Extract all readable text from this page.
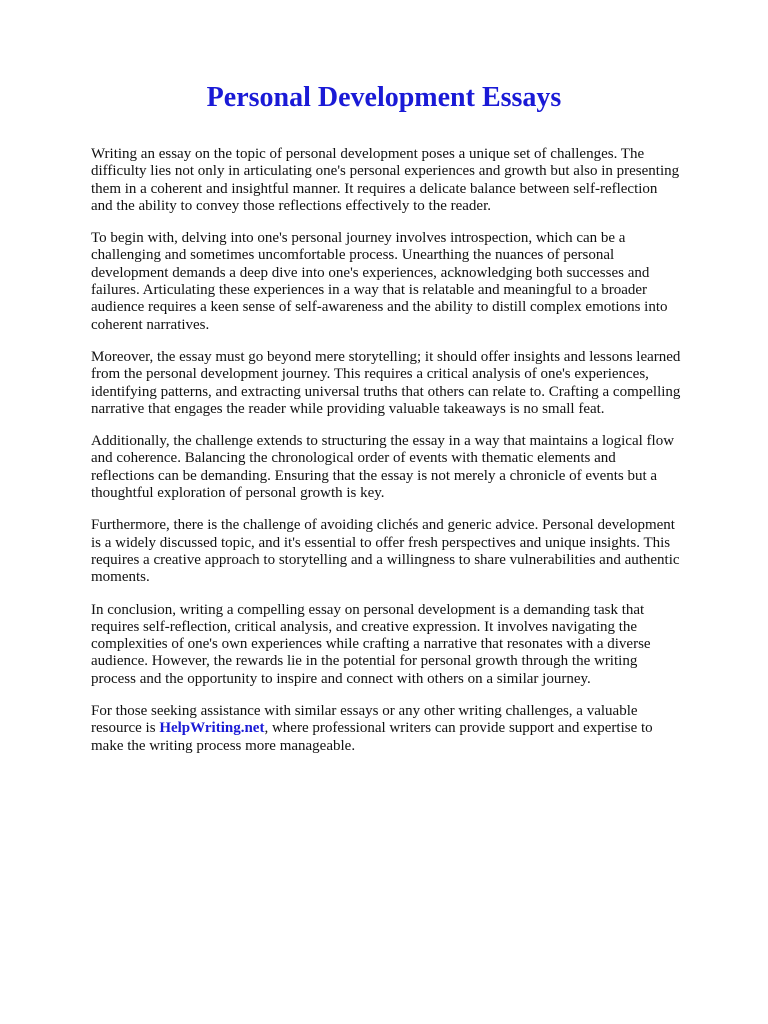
Personal Development Essays

Writing an essay on the topic of personal development poses a unique set of challenges. The difficulty lies not only in articulating one's personal experiences and growth but also in presenting them in a coherent and insightful manner. It requires a delicate balance between self-reflection and the ability to convey those reflections effectively to the reader.

To begin with, delving into one's personal journey involves introspection, which can be a challenging and sometimes uncomfortable process. Unearthing the nuances of personal development demands a deep dive into one's experiences, acknowledging both successes and failures. Articulating these experiences in a way that is relatable and meaningful to a broader audience requires a keen sense of self-awareness and the ability to distill complex emotions into coherent narratives.

Moreover, the essay must go beyond mere storytelling; it should offer insights and lessons learned from the personal development journey. This requires a critical analysis of one's experiences, identifying patterns, and extracting universal truths that others can relate to. Crafting a compelling narrative that engages the reader while providing valuable takeaways is no small feat.

Additionally, the challenge extends to structuring the essay in a way that maintains a logical flow and coherence. Balancing the chronological order of events with thematic elements and reflections can be demanding. Ensuring that the essay is not merely a chronicle of events but a thoughtful exploration of personal growth is key.

Furthermore, there is the challenge of avoiding clichés and generic advice. Personal development is a widely discussed topic, and it's essential to offer fresh perspectives and unique insights. This requires a creative approach to storytelling and a willingness to share vulnerabilities and authentic moments.

In conclusion, writing a compelling essay on personal development is a demanding task that requires self-reflection, critical analysis, and creative expression. It involves navigating the complexities of one's own experiences while crafting a narrative that resonates with a diverse audience. However, the rewards lie in the potential for personal growth through the writing process and the opportunity to inspire and connect with others on a similar journey.

For those seeking assistance with similar essays or any other writing challenges, a valuable resource is HelpWriting.net, where professional writers can provide support and expertise to make the writing process more manageable.
